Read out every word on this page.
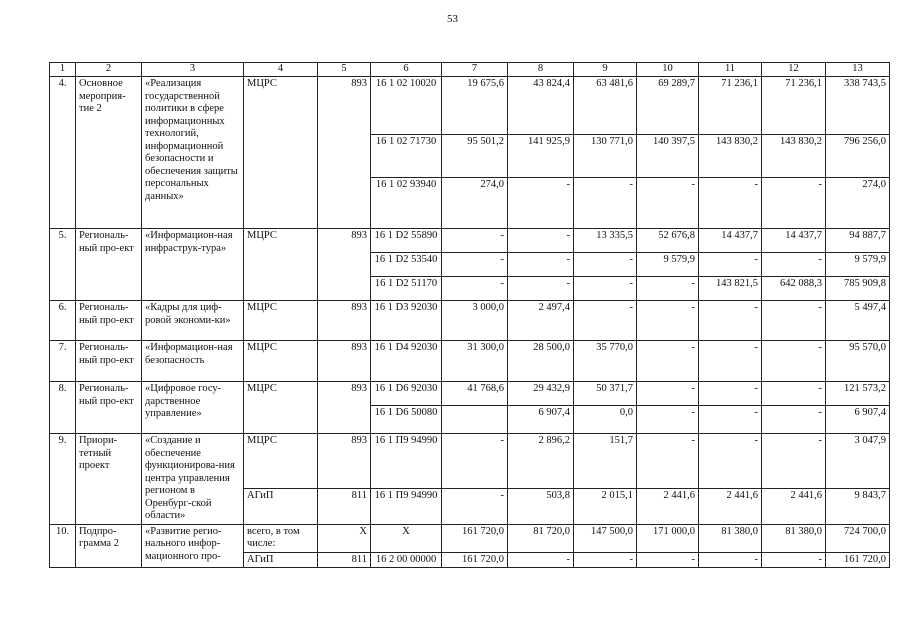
53
1	2	3	4	5	6	7	8	9	10	11	12	13
4.	Основное мероприя-тие 2	«Реализация государственной политики в сфере информационных технологий, информационной безопасности и обеспечения защиты персональных данных»	МЦРС	893	16 1 02 10020	19 675,6	43 824,4	63 481,6	69 289,7	71 236,1	71 236,1	338 743,5
					16 1 02 71730	95 501,2	141 925,9	130 771,0	140 397,5	143 830,2	143 830,2	796 256,0
					16 1 02 93940	274,0	-	-	-	-	-	274,0
5.	Региональ-ный про-ект	«Информацион-ная инфраструк-тура»	МЦРС	893	16 1 D2 55890	-	-	13 335,5	52 676,8	14 437,7	14 437,7	94 887,7
					16 1 D2 53540	-	-	-	9 579,9	-	-	9 579,9
					16 1 D2 51170	-	-	-	-	143 821,5	642 088,3	785 909,8
6.	Региональ-ный про-ект	«Кадры для циф-ровой экономи-ки»	МЦРС	893	16 1 D3 92030	3 000,0	2 497,4	-	-	-	-	5 497,4
7.	Региональ-ный про-ект	«Информацион-ная безопасность	МЦРС	893	16 1 D4 92030	31 300,0	28 500,0	35 770,0	-	-	-	95 570,0
8.	Региональ-ный про-ект	«Цифровое госу-дарственное управление»	МЦРС	893	16 1 D6 92030	41 768,6	29 432,9	50 371,7	-	-	-	121 573,2
					16 1 D6 50080		6 907,4	0,0	-	-	-	6 907,4
9.	Приори-тетный проект	«Создание и обеспечение функционирова-ния центра управления регионом в Оренбург-ской области»	МЦРС	893	16 1 П9 94990	-	2 896,2	151,7	-	-	-	3 047,9
			АГиП	811	16 1 П9 94990	-	503,8	2 015,1	2 441,6	2 441,6	2 441,6	9 843,7
10.	Подпро-грамма 2	«Развитие регио-нального инфор-мационного про-	всего, в том числе:	Х	Х	161 720,0	81 720,0	147 500,0	171 000,0	81 380,0	81 380,0	724 700,0
			АГиП	811	16 2 00 00000	161 720,0	-	-	-	-	-	161 720,0
